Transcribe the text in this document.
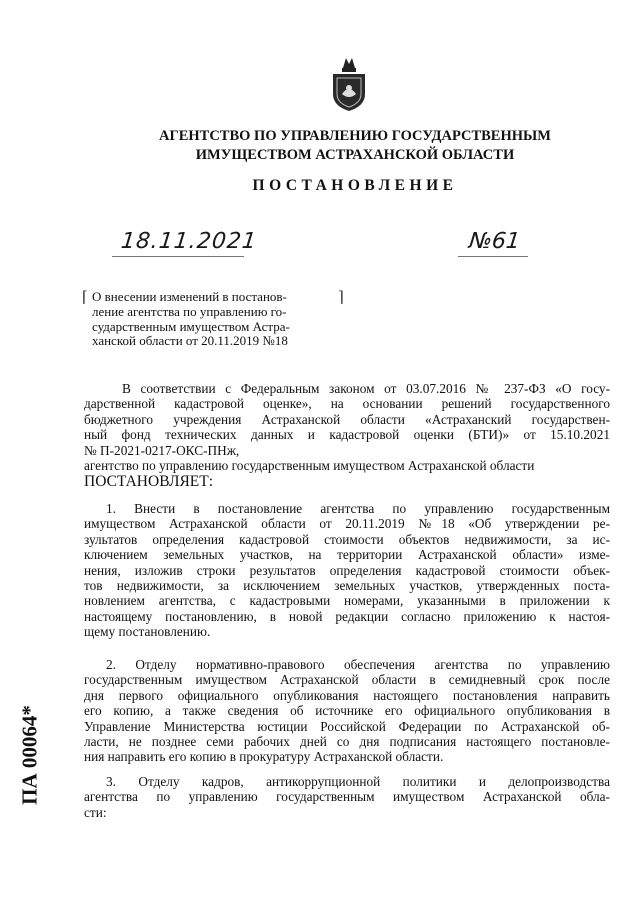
АГЕНТСТВО ПО УПРАВЛЕНИЮ ГОСУДАРСТВЕННЫМ
ИМУЩЕСТВОМ АСТРАХАНСКОЙ ОБЛАСТИ
ПОСТАНОВЛЕНИЕ
18.11.2021	№61
⌈	⌉
О внесении изменений в постанов-
ление агентства по управлению го-
сударственным имуществом Астра-
ханской области от 20.11.2019 №18
В соответствии с Федеральным законом от 03.07.2016 № 237-ФЗ «О госу-
дарственной кадастровой оценке», на основании решений государственного
бюджетного учреждения Астраханской области «Астраханский государствен-
ный фонд технических данных и кадастровой оценки (БТИ)» от 15.10.2021
№ П-2021-0217-ОКС-ПНж,
агентство по управлению государственным имуществом Астраханской области
ПОСТАНОВЛЯЕТ:
1. Внести в постановление агентства по управлению государственным
имуществом Астраханской области от 20.11.2019 №18 «Об утверждении ре-
зультатов определения кадастровой стоимости объектов недвижимости, за ис-
ключением земельных участков, на территории Астраханской области» изме-
нения, изложив строки результатов определения кадастровой стоимости объек-
тов недвижимости, за исключением земельных участков, утвержденных поста-
новлением агентства, с кадастровыми номерами, указанными в приложении к
настоящему постановлению, в новой редакции согласно приложению к настоя-
щему постановлению.
2. Отделу нормативно-правового обеспечения агентства по управлению
государственным имуществом Астраханской области в семидневный срок после
дня первого официального опубликования настоящего постановления направить
его копию, а также сведения об источнике его официального опубликования в
Управление Министерства юстиции Российской Федерации по Астраханской об-
ласти, не позднее семи рабочих дней со дня подписания настоящего постановле-
ния направить его копию в прокуратуру Астраханской области.
3. Отделу кадров, антикоррупционной политики и делопроизводства
агентства по управлению государственным имуществом Астраханской обла-
сти:
ПА 00064*
